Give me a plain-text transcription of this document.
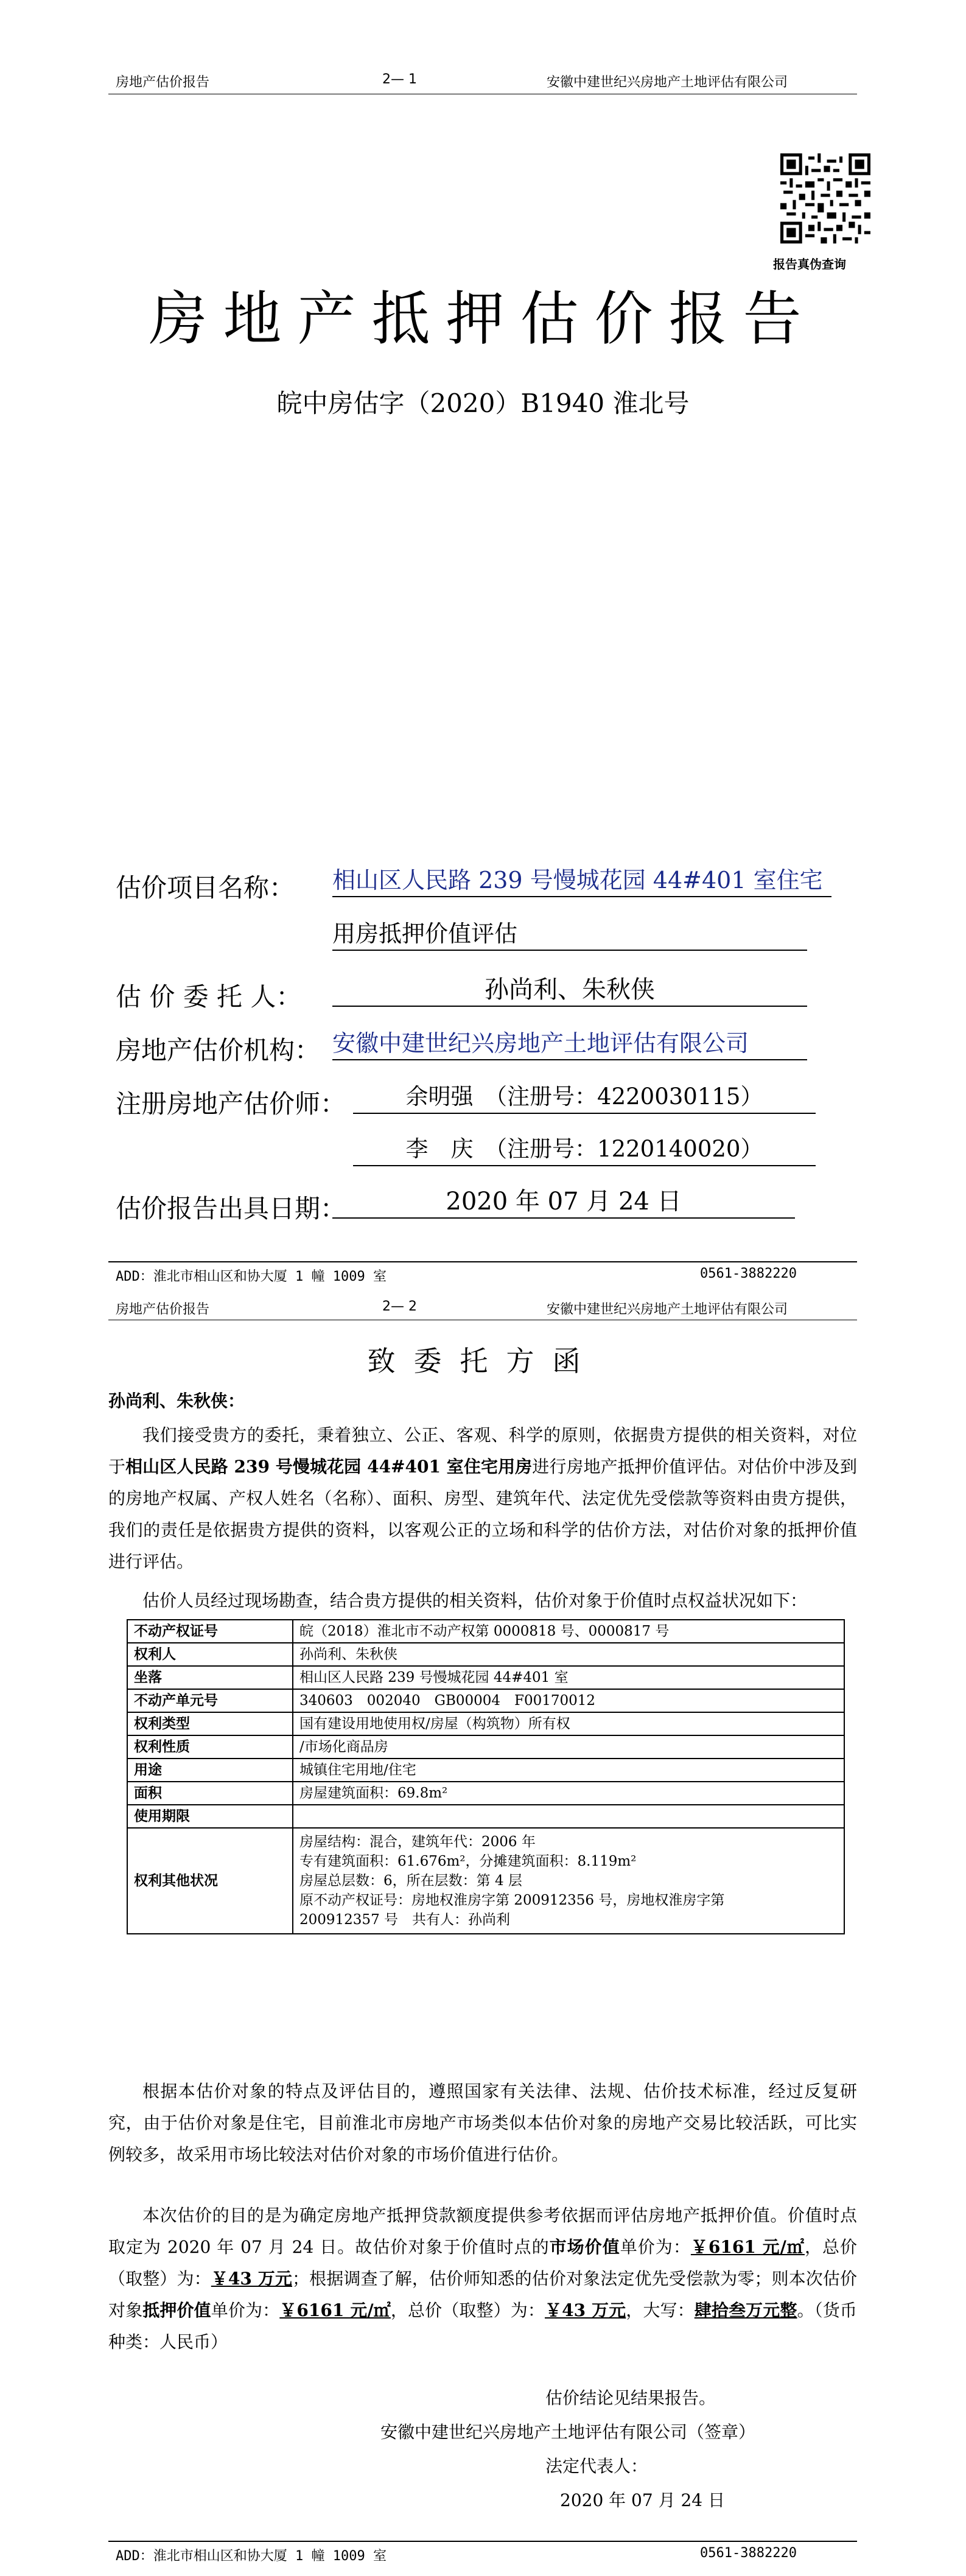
房地产估价报告	2— 1	安徽中建世纪兴房地产土地评估有限公司
报告真伪查询
房地产抵押估价报告
皖中房估字（2020）B1940 淮北号
估价项目名称： 相山区人民路 239 号慢城花园 44#401 室住宅
用房抵押价值评估
估 价 委 托 人：	孙尚利、朱秋侠
房地产估价机构： 安徽中建世纪兴房地产土地评估有限公司
注册房地产估价师：	余明强　（注册号：4220030115）
李　庆　（注册号：1220140020）
估价报告出具日期：	2020 年 07 月 24 日
ADD：淮北市相山区和协大厦 1 幢 1009 室	0561-3882220
房地产估价报告	2— 2	安徽中建世纪兴房地产土地评估有限公司
致委托方函
孙尚利、朱秋侠：
我们接受贵方的委托，秉着独立、公正、客观、科学的原则，依据贵方提供的相关资料，对位于相山区人民路 239 号慢城花园 44#401 室住宅用房进行房地产抵押价值评估。对估价中涉及到的房地产权属、产权人姓名（名称）、面积、房型、建筑年代、法定优先受偿款等资料由贵方提供，我们的责任是依据贵方提供的资料，以客观公正的立场和科学的估价方法，对估价对象的抵押价值进行评估。
估价人员经过现场勘查，结合贵方提供的相关资料，估价对象于价值时点权益状况如下：
不动产权证号	皖（2018）淮北市不动产权第 0000818 号、0000817 号
权利人	孙尚利、朱秋侠
坐落	相山区人民路 239 号慢城花园 44#401 室
不动产单元号	340603　002040　GB00004　F00170012
权利类型	国有建设用地使用权/房屋（构筑物）所有权
权利性质	/市场化商品房
用途	城镇住宅用地/住宅
面积	房屋建筑面积：69.8m²
使用期限	
权利其他状况	房屋结构：混合，建筑年代：2006 年
专有建筑面积：61.676m²，分摊建筑面积：8.119m²
房屋总层数：6，所在层数：第 4 层
原不动产权证号：房地权淮房字第 200912356 号，房地权淮房字第
200912357 号　共有人：孙尚利
根据本估价对象的特点及评估目的，遵照国家有关法律、法规、估价技术标准，经过反复研究，由于估价对象是住宅，目前淮北市房地产市场类似本估价对象的房地产交易比较活跃，可比实例较多，故采用市场比较法对估价对象的市场价值进行估价。
本次估价的目的是为确定房地产抵押贷款额度提供参考依据而评估房地产抵押价值。价值时点取定为 2020 年 07 月 24 日。故估价对象于价值时点的市场价值单价为：￥6161 元/㎡，总价（取整）为：￥43 万元；根据调查了解，估价师知悉的估价对象法定优先受偿款为零；则本次估价对象抵押价值单价为：￥6161 元/㎡，总价（取整）为：￥43 万元，大写：肆拾叁万元整。（货币种类：人民币）
估价结论见结果报告。
安徽中建世纪兴房地产土地评估有限公司（签章）
法定代表人：
2020 年 07 月 24 日
ADD：淮北市相山区和协大厦 1 幢 1009 室	0561-3882220
